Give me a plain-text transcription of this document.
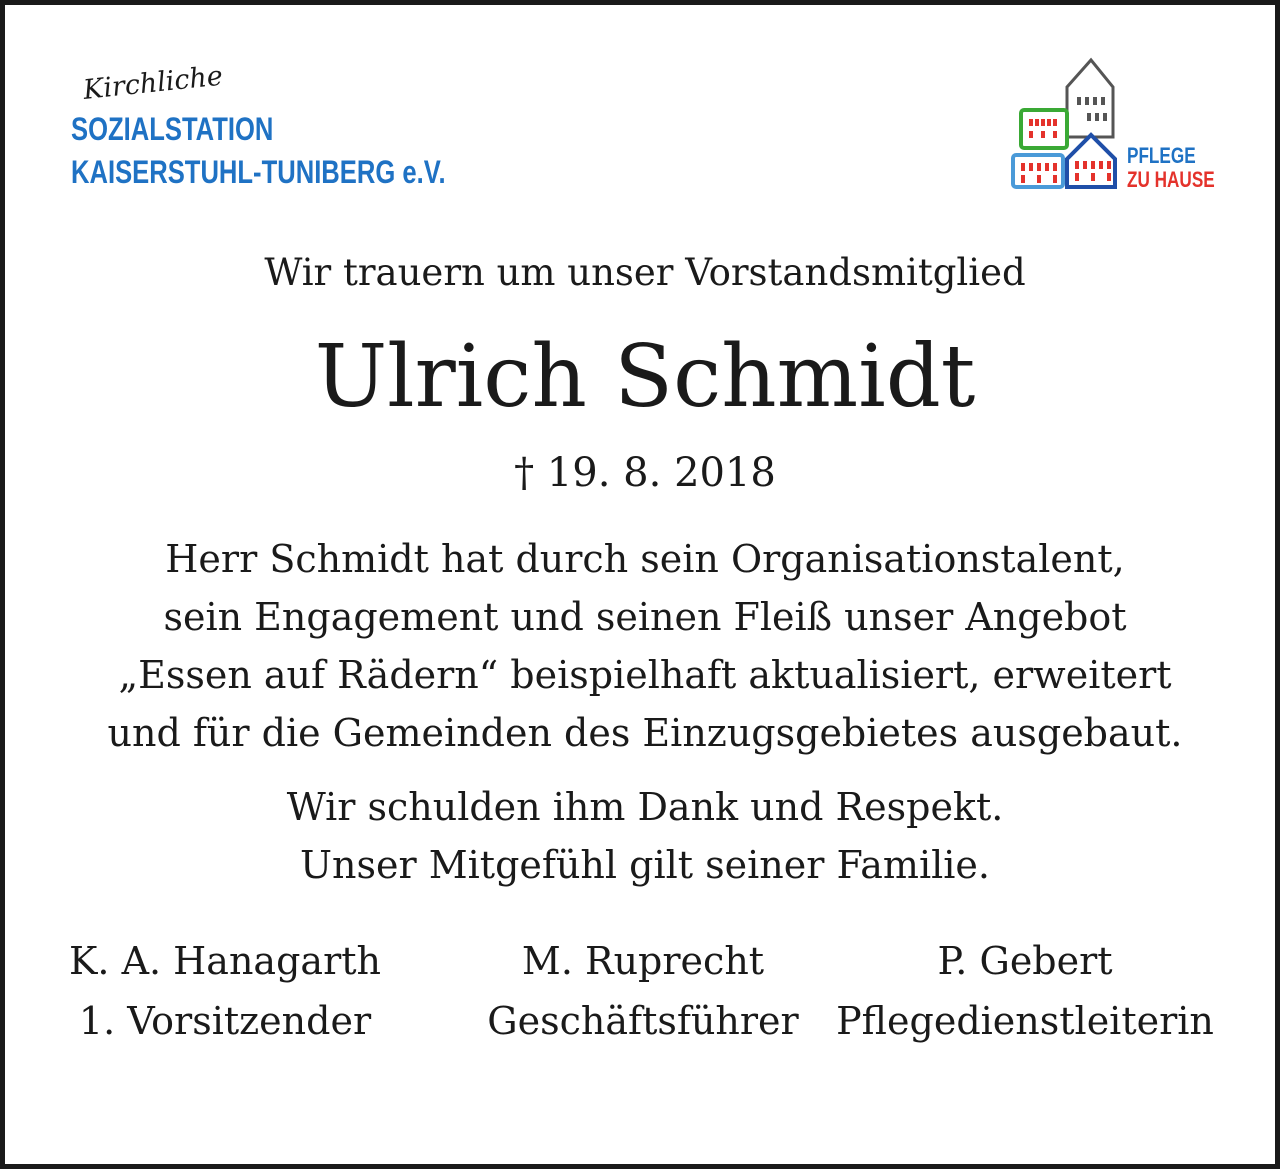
Kirchliche
SOZIALSTATION
KAISERSTUHL-TUNIBERG e.V.	PFLEGE
ZU HAUSE
Wir trauern um unser Vorstandsmitglied
Ulrich Schmidt
† 19. 8. 2018
Herr Schmidt hat durch sein Organisationstalent,
sein Engagement und seinen Fleiß unser Angebot
„Essen auf Rädern“ beispielhaft aktualisiert, erweitert
und für die Gemeinden des Einzugsgebietes ausgebaut.
Wir schulden ihm Dank und Respekt.
Unser Mitgefühl gilt seiner Familie.
K. A. Hanagarth
1. Vorsitzender
M. Ruprecht
Geschäftsführer
P. Gebert
Pflegedienstleiterin
